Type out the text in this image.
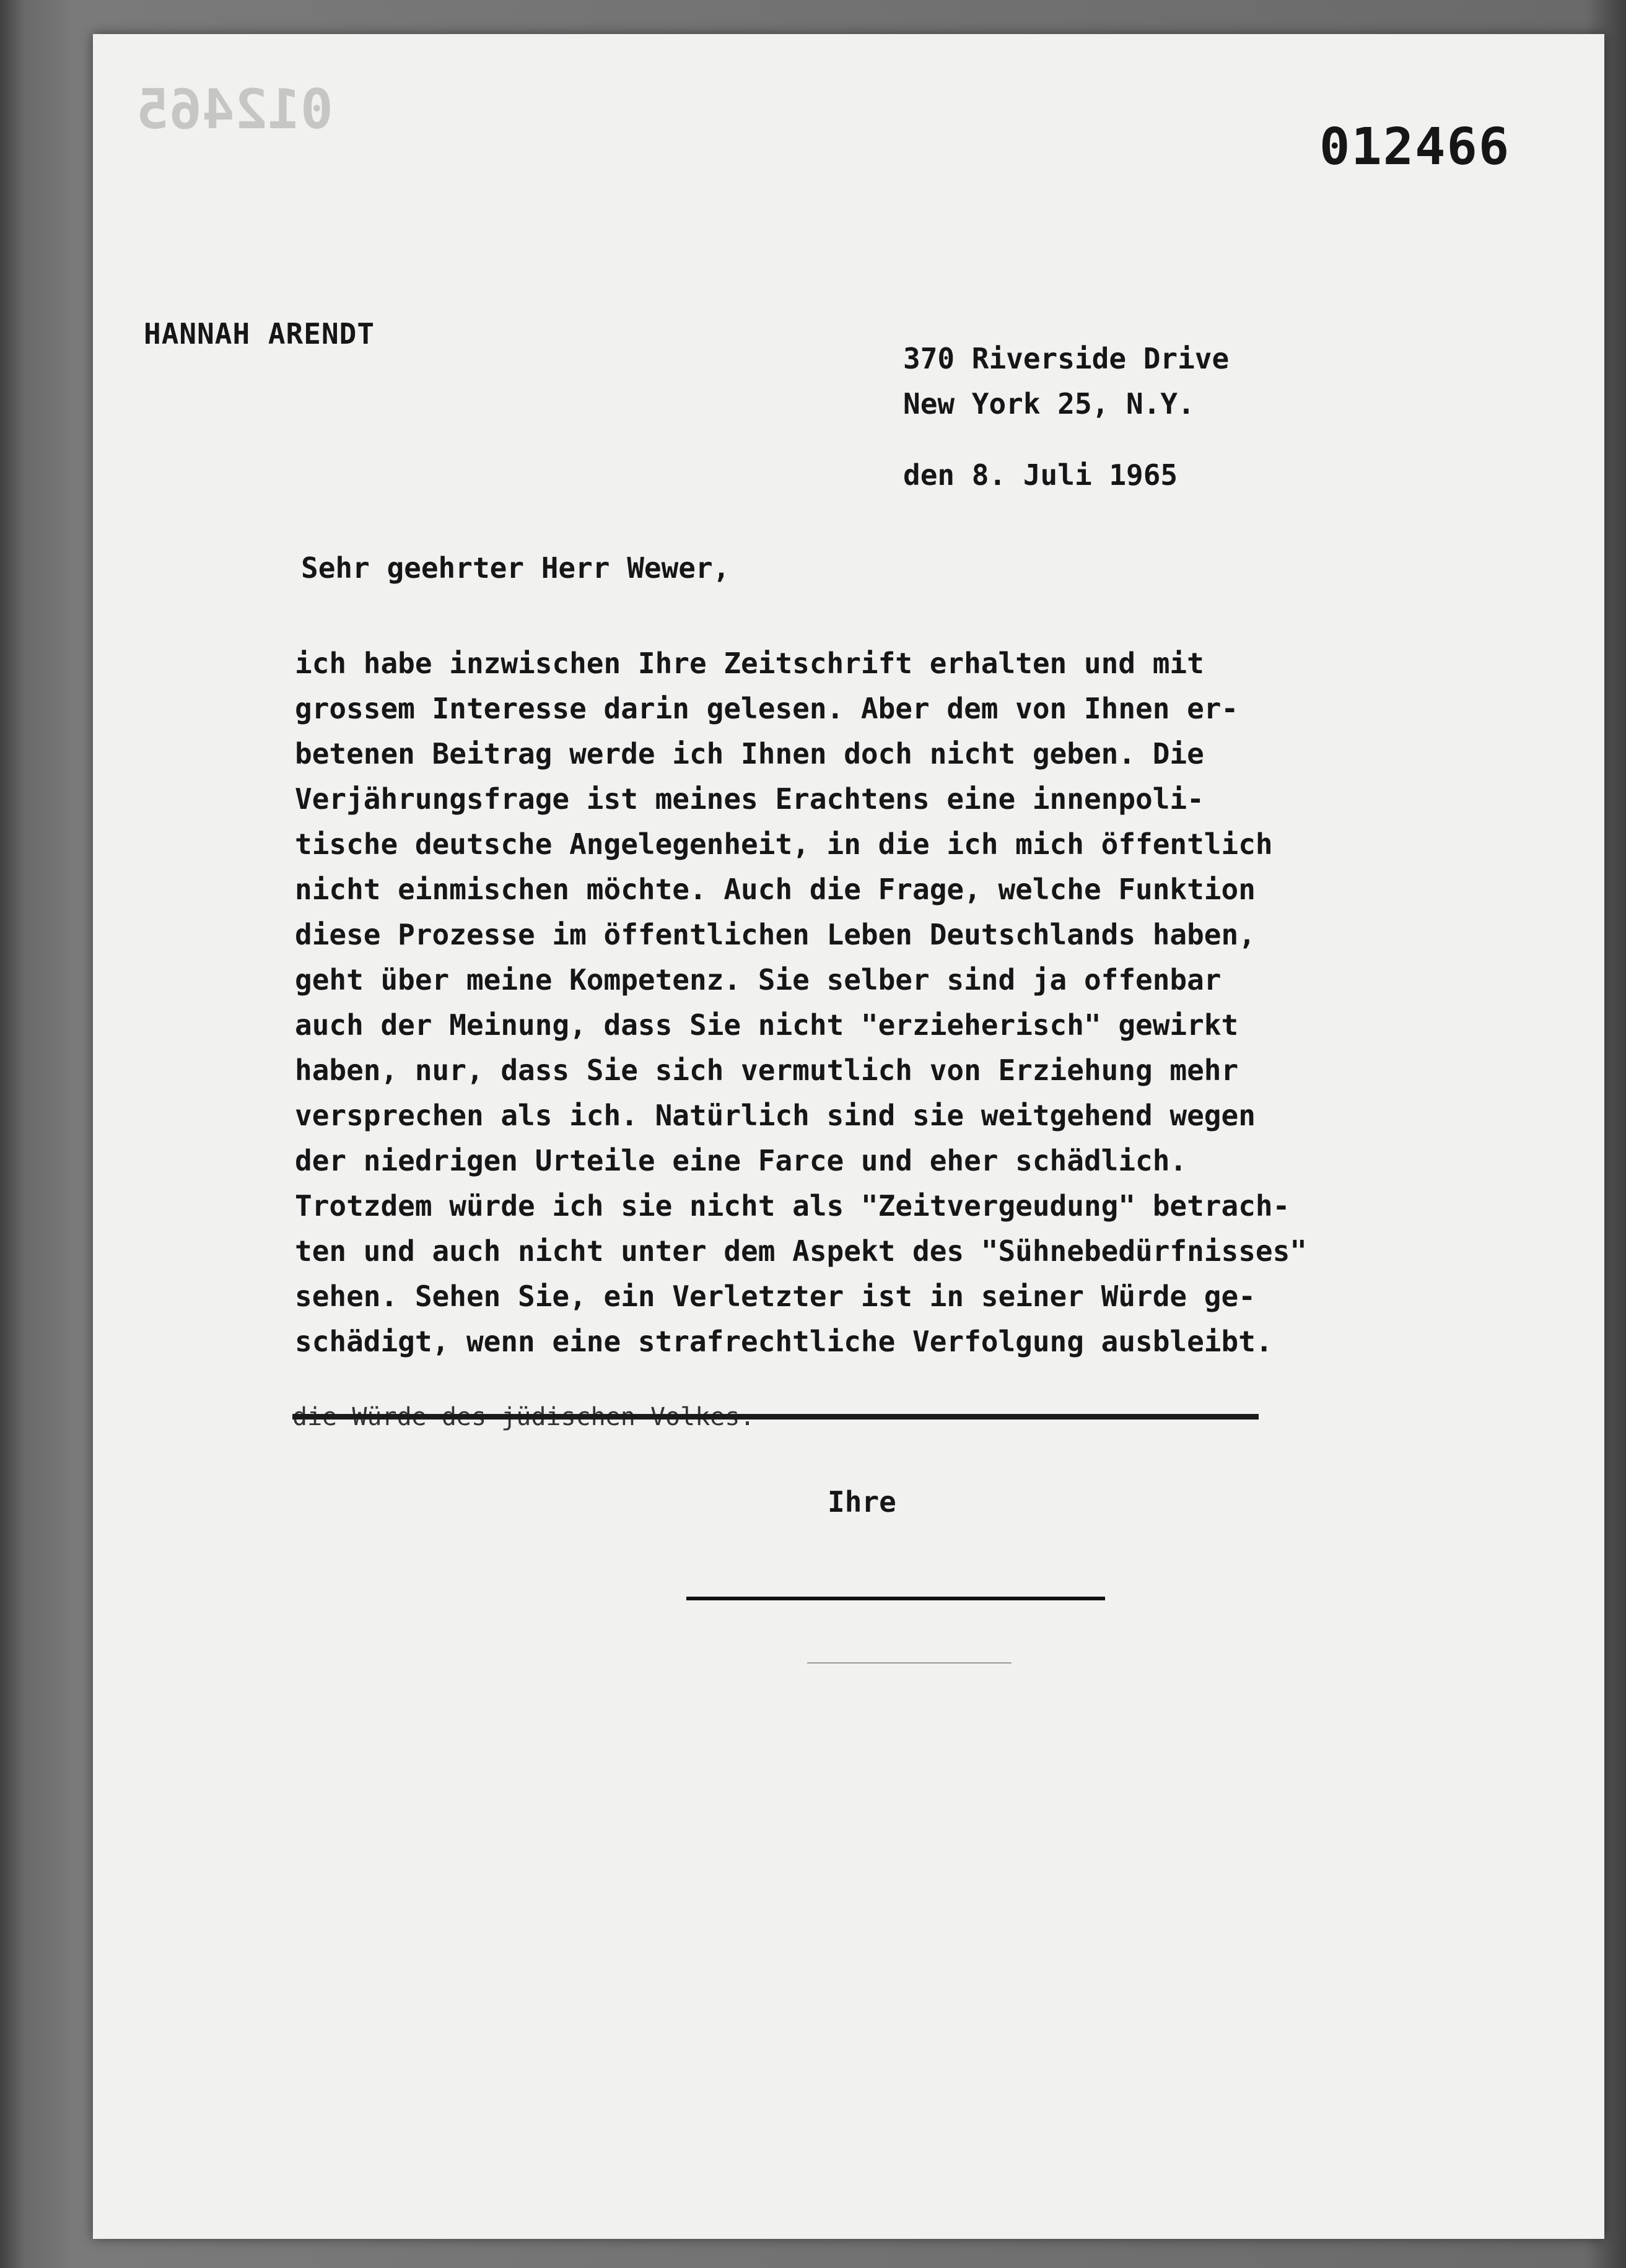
012465
012466
HANNAH ARENDT
370 Riverside Drive
New York 25, N.Y.
den 8. Juli 1965
Sehr geehrter Herr Wewer,
ich habe inzwischen Ihre Zeitschrift erhalten und mit
grossem Interesse darin gelesen. Aber dem von Ihnen er-
betenen Beitrag werde ich Ihnen doch nicht geben. Die
Verjährungsfrage ist meines Erachtens eine innenpoli-
tische deutsche Angelegenheit, in die ich mich öffentlich
nicht einmischen möchte. Auch die Frage, welche Funktion
diese Prozesse im öffentlichen Leben Deutschlands haben,
geht über meine Kompetenz. Sie selber sind ja offenbar
auch der Meinung, dass Sie nicht "erzieherisch" gewirkt
haben, nur, dass Sie sich vermutlich von Erziehung mehr
versprechen als ich. Natürlich sind sie weitgehend wegen
der niedrigen Urteile eine Farce und eher schädlich.
Trotzdem würde ich sie nicht als "Zeitvergeudung" betrach-
ten und auch nicht unter dem Aspekt des "Sühnebedürfnisses"
sehen. Sehen Sie, ein Verletzter ist in seiner Würde ge-
schädigt, wenn eine strafrechtliche Verfolgung ausbleibt.
Ihre
